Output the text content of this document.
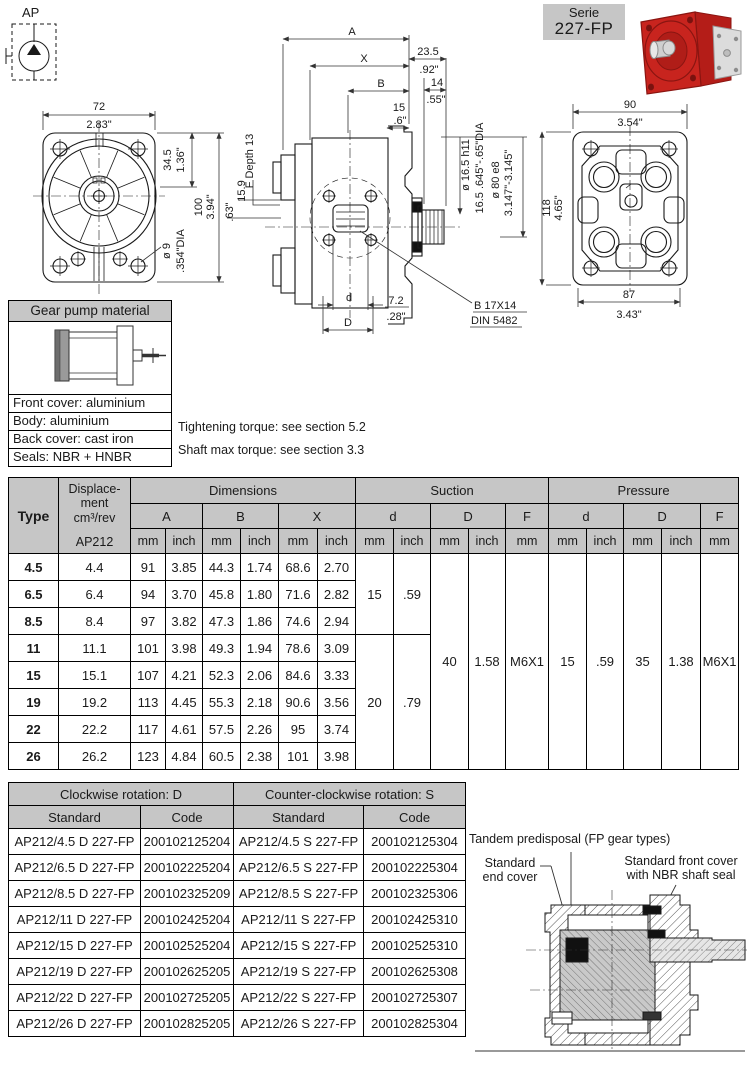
AP
72
2.83"
34.5 1.36"
100 3.94"
ø 9 .354"DIA
A
X
B
23.5
.92"
14
.55"
15
.6"
F Depth 13
15.9
.63"
ø 16.5 h11 16.5 .645"-.65"DIA ø 80 e8 3.147"-3.145"
d	7.2
.28"
D
B 17X14
DIN 5482
90
3.54"
118 4.65"
87
3.43"
Serie
227-FP
Gear pump material
Front cover: aluminium
Body: aluminium
Back cover: cast iron
Seals: NBR + HNBR
Tightening torque: see section 5.2
Shaft max torque: see section 3.3
Type	Displace-
ment
cm³/rev
AP212	Dimensions						Suction					Pressure				
		A		B		X		d		D		F	d		D		F
		mm	inch	mm	inch	mm	inch	mm	inch	mm	inch	mm	mm	inch	mm	inch	mm
4.5	4.4	91	3.85	44.3	1.74	68.6	2.70	15	.59	40	1.58	M6X1	15	.59	35	1.38	M6X1
6.5	6.4	94	3.70	45.8	1.80	71.6	2.82										
8.5	8.4	97	3.82	47.3	1.86	74.6	2.94										
11	11.1	101	3.98	49.3	1.94	78.6	3.09	20	.79								
15	15.1	107	4.21	52.3	2.06	84.6	3.33										
19	19.2	113	4.45	55.3	2.18	90.6	3.56										
22	22.2	117	4.61	57.5	2.26	95	3.74										
26	26.2	123	4.84	60.5	2.38	101	3.98										
Clockwise rotation: D		Counter-clockwise rotation: S	
Standard	Code	Standard	Code
AP212/4.5 D 227-FP	200102125204	AP212/4.5 S 227-FP	200102125304
AP212/6.5 D 227-FP	200102225204	AP212/6.5 S 227-FP	200102225304
AP212/8.5 D 227-FP	200102325209	AP212/8.5 S 227-FP	200102325306
AP212/11 D 227-FP	200102425204	AP212/11 S 227-FP	200102425310
AP212/15 D 227-FP	200102525204	AP212/15 S 227-FP	200102525310
AP212/19 D 227-FP	200102625205	AP212/19 S 227-FP	200102625308
AP212/22 D 227-FP	200102725205	AP212/22 S 227-FP	200102725307
AP212/26 D 227-FP	200102825205	AP212/26 S 227-FP	200102825304
Tandem predisposal (FP gear types)
Standard
end cover
Standard front cover
with NBR shaft seal
